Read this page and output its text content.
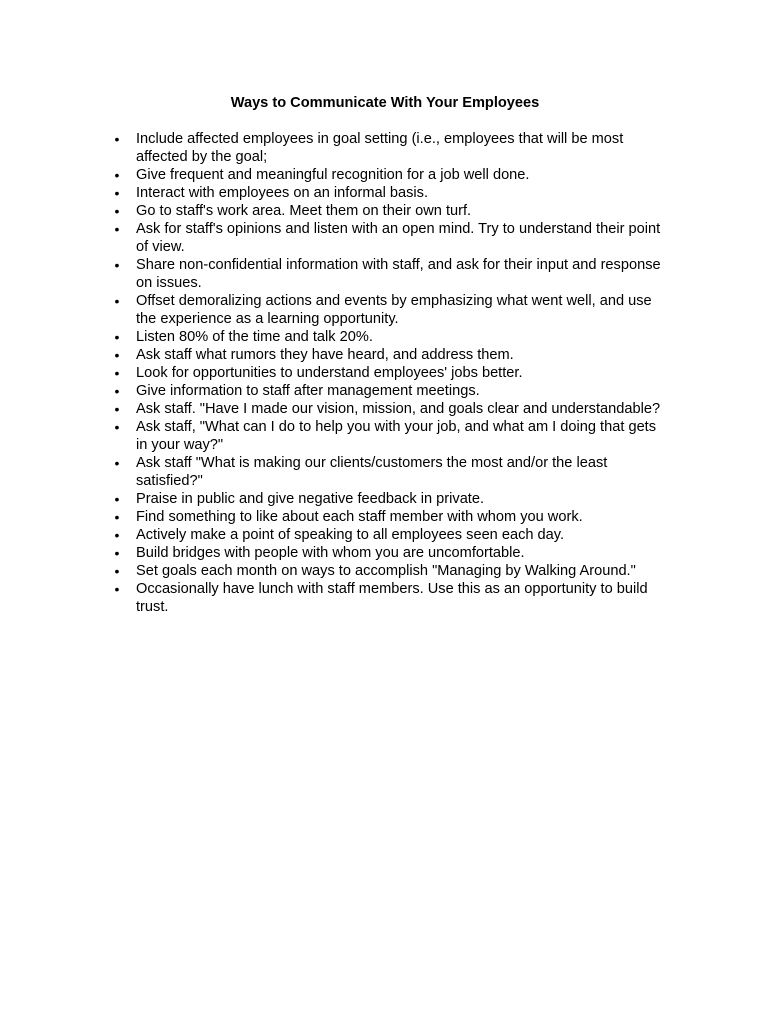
Ways to Communicate With Your Employees
•	Include affected employees in goal setting (i.e., employees that will be most affected by the goal;
•	Give frequent and meaningful recognition for a job well done.
•	Interact with employees on an informal basis.
•	Go to staff's work area. Meet them on their own turf.
•	Ask for staff's opinions and listen with an open mind. Try to understand their point of view.
•	Share non-confidential information with staff, and ask for their input and response on issues.
•	Offset demoralizing actions and events by emphasizing what went well, and use the experience as a learning opportunity.
•	Listen 80% of the time and talk 20%.
•	Ask staff what rumors they have heard, and address them.
•	Look for opportunities to understand employees' jobs better.
•	Give information to staff after management meetings.
•	Ask staff. "Have I made our vision, mission, and goals clear and understandable?
•	Ask staff, "What can I do to help you with your job, and what am I doing that gets in your way?"
•	Ask staff "What is making our clients/customers the most and/or the least satisfied?"
•	Praise in public and give negative feedback in private.
•	Find something to like about each staff member with whom you work.
•	Actively make a point of speaking to all employees seen each day.
•	Build bridges with people with whom you are uncomfortable.
•	Set goals each month on ways to accomplish "Managing by Walking Around."
•	Occasionally have lunch with staff members. Use this as an opportunity to build trust.
